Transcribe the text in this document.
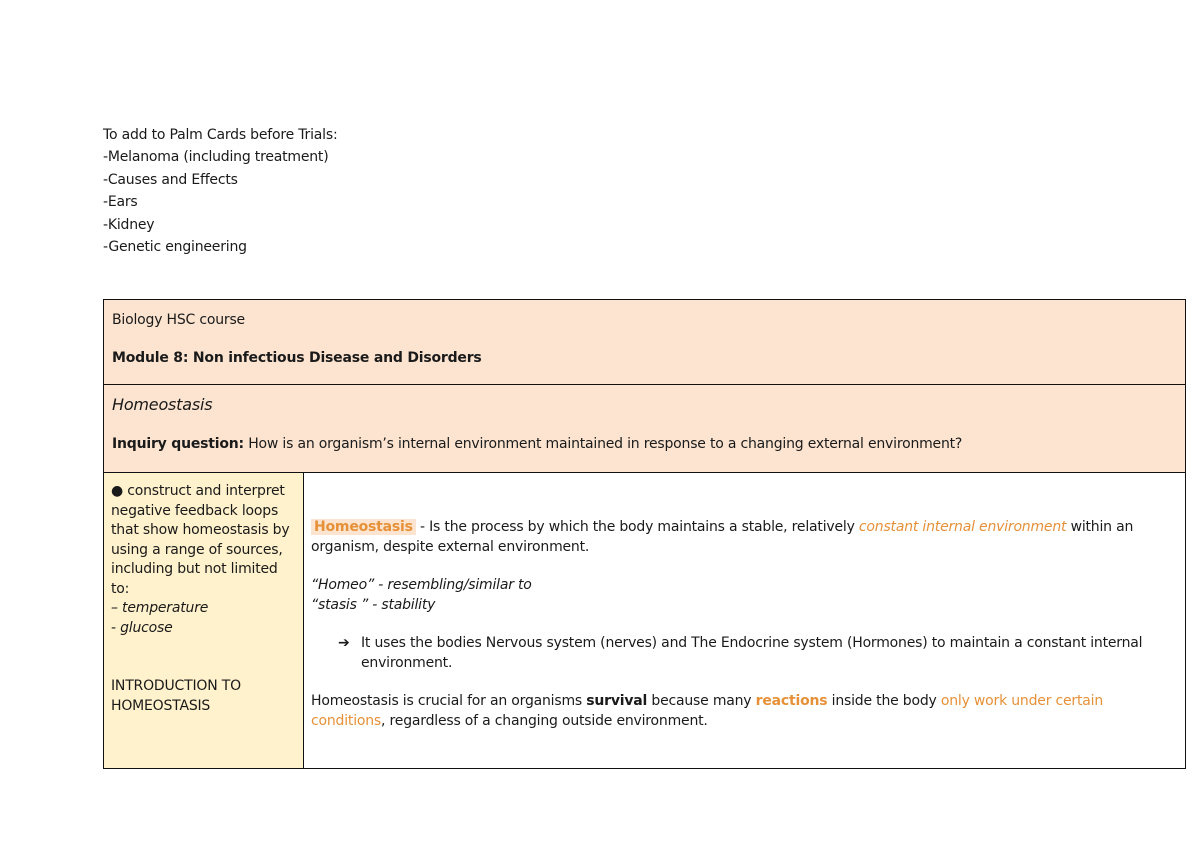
To add to Palm Cards before Trials:
-Melanoma (including treatment)
-Causes and Effects
-Ears
-Kidney
-Genetic engineering
Biology HSC course
Module 8: Non infectious Disease and Disorders

Homeostasis
Inquiry question: How is an organism’s internal environment maintained in response to a changing external environment?

● construct and interpret negative feedback loops that show homeostasis by using a range of sources, including but not limited to:
– temperature
- glucose
INTRODUCTION TO HOMEOSTASIS

Homeostasis - Is the process by which the body maintains a stable, relatively constant internal environment within an organism, despite external environment.
“Homeo” - resembling/similar to
“stasis ” - stability
➔ It uses the bodies Nervous system (nerves) and The Endocrine system (Hormones) to maintain a constant internal environment.
Homeostasis is crucial for an organisms survival because many reactions inside the body only work under certain conditions, regardless of a changing outside environment.
